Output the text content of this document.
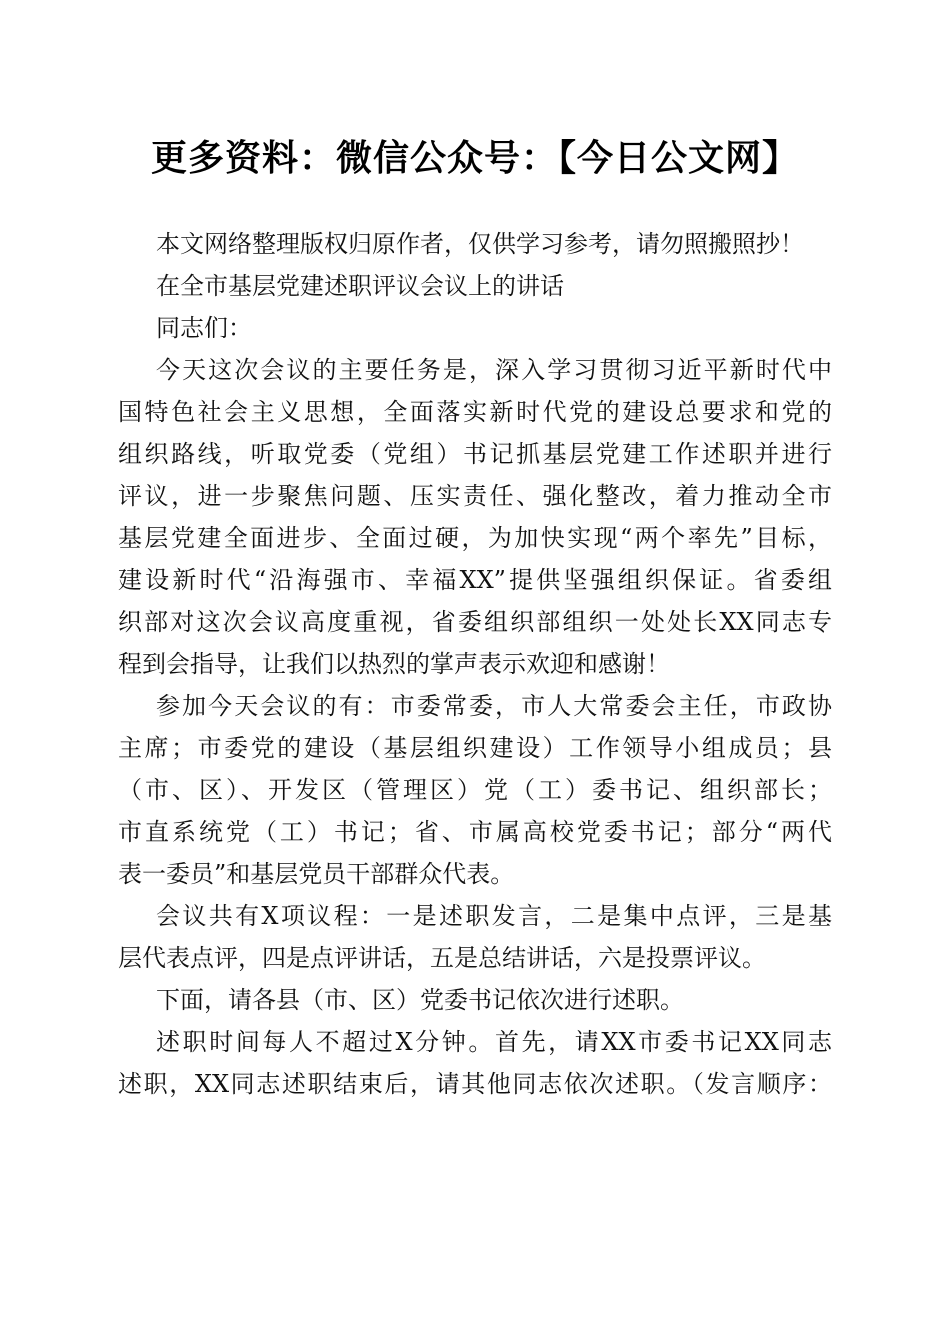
更多资料：微信公众号：【今日公文网】
本文网络整理版权归原作者，仅供学习参考，请勿照搬照抄！
在全市基层党建述职评议会议上的讲话
同志们：
今天这次会议的主要任务是，深入学习贯彻习近平新时代中
国特色社会主义思想，全面落实新时代党的建设总要求和党的
组织路线，听取党委（党组）书记抓基层党建工作述职并进行
评议，进一步聚焦问题、压实责任、强化整改，着力推动全市
基层党建全面进步、全面过硬，为加快实现“两个率先”目标，
建设新时代“沿海强市、幸福XX”提供坚强组织保证。省委组
织部对这次会议高度重视，省委组织部组织一处处长XX同志专
程到会指导，让我们以热烈的掌声表示欢迎和感谢！
参加今天会议的有：市委常委，市人大常委会主任，市政协
主席；市委党的建设（基层组织建设）工作领导小组成员；县
（市、区）、开发区（管理区）党（工）委书记、组织部长；
市直系统党（工）书记；省、市属高校党委书记；部分“两代
表一委员”和基层党员干部群众代表。
会议共有X项议程：一是述职发言，二是集中点评，三是基
层代表点评，四是点评讲话，五是总结讲话，六是投票评议。
下面，请各县（市、区）党委书记依次进行述职。
述职时间每人不超过X分钟。首先，请XX市委书记XX同志
述职，XX同志述职结束后，请其他同志依次述职。（发言顺序：
